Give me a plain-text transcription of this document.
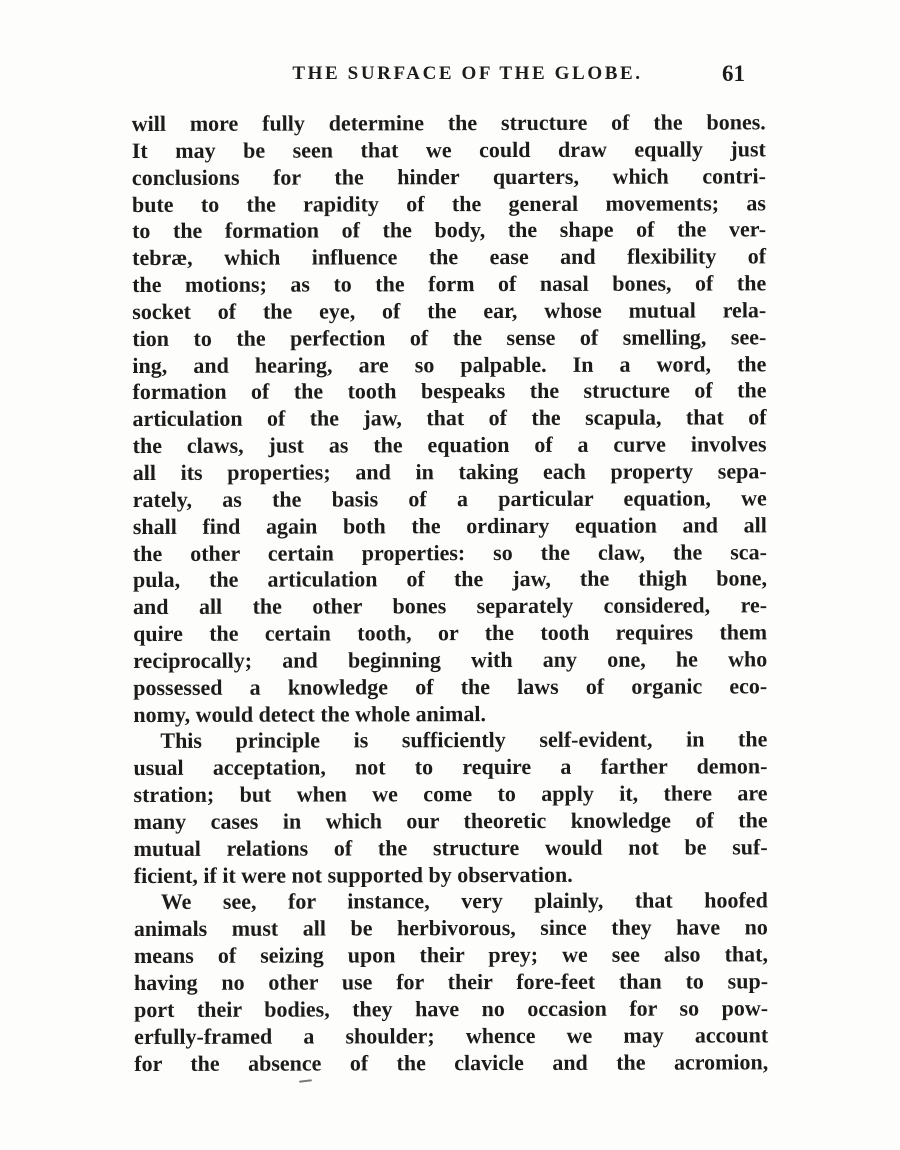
THE SURFACE OF THE GLOBE.	61
will more fully determine the structure of the bones.
It may be seen that we could draw equally just
conclusions for the hinder quarters, which contri-
bute to the rapidity of the general movements; as
to the formation of the body, the shape of the ver-
tebræ, which influence the ease and flexibility of
the motions; as to the form of nasal bones, of the
socket of the eye, of the ear, whose mutual rela-
tion to the perfection of the sense of smelling, see-
ing, and hearing, are so palpable. In a word, the
formation of the tooth bespeaks the structure of the
articulation of the jaw, that of the scapula, that of
the claws, just as the equation of a curve involves
all its properties; and in taking each property sepa-
rately, as the basis of a particular equation, we
shall find again both the ordinary equation and all
the other certain properties: so the claw, the sca-
pula, the articulation of the jaw, the thigh bone,
and all the other bones separately considered, re-
quire the certain tooth, or the tooth requires them
reciprocally; and beginning with any one, he who
possessed a knowledge of the laws of organic eco-
nomy, would detect the whole animal.
This principle is sufficiently self-evident, in the
usual acceptation, not to require a farther demon-
stration; but when we come to apply it, there are
many cases in which our theoretic knowledge of the
mutual relations of the structure would not be suf-
ficient, if it were not supported by observation.
We see, for instance, very plainly, that hoofed
animals must all be herbivorous, since they have no
means of seizing upon their prey; we see also that,
having no other use for their fore-feet than to sup-
port their bodies, they have no occasion for so pow-
erfully-framed a shoulder; whence we may account
for the absence of the clavicle and the acromion,
